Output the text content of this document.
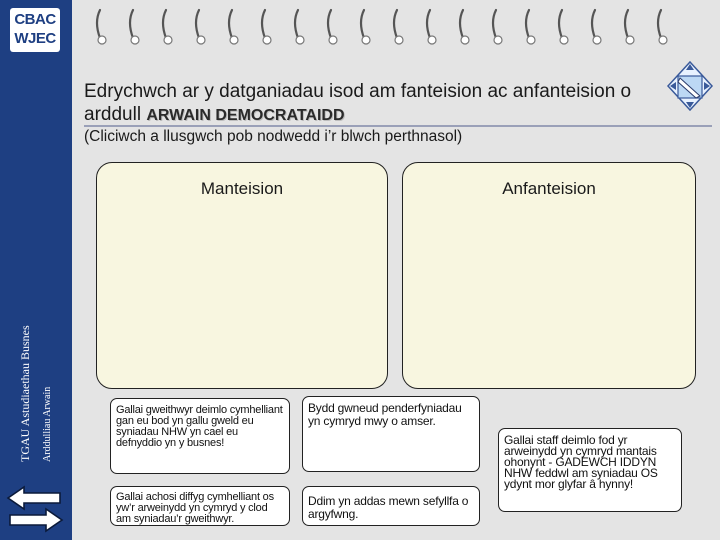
CBAC
WJEC
TGAU Astudiaethau Busnes Arddulliau Arwain
Edrychwch ar y datganiadau isod am fanteision ac anfanteision o arddull ARWAIN DEMOCRATAIDD
(Cliciwch a llusgwch pob nodwedd i’r blwch perthnasol)
Manteision	Anfanteision
Gallai gweithwyr deimlo cymhelliant gan eu bod yn gallu gweld eu syniadau NHW yn cael eu defnyddio yn y busnes!
Gallai achosi diffyg cymhelliant os yw’r arweinydd yn cymryd y clod am syniadau’r gweithwyr.
Bydd gwneud penderfyniadau yn cymryd mwy o amser.
Ddim yn addas mewn sefyllfa o argyfwng.
Gallai staff deimlo fod yr arweinydd yn cymryd mantais ohonynt - GADEWCH IDDYN NHW feddwl am syniadau OS ydynt mor glyfar â hynny!
